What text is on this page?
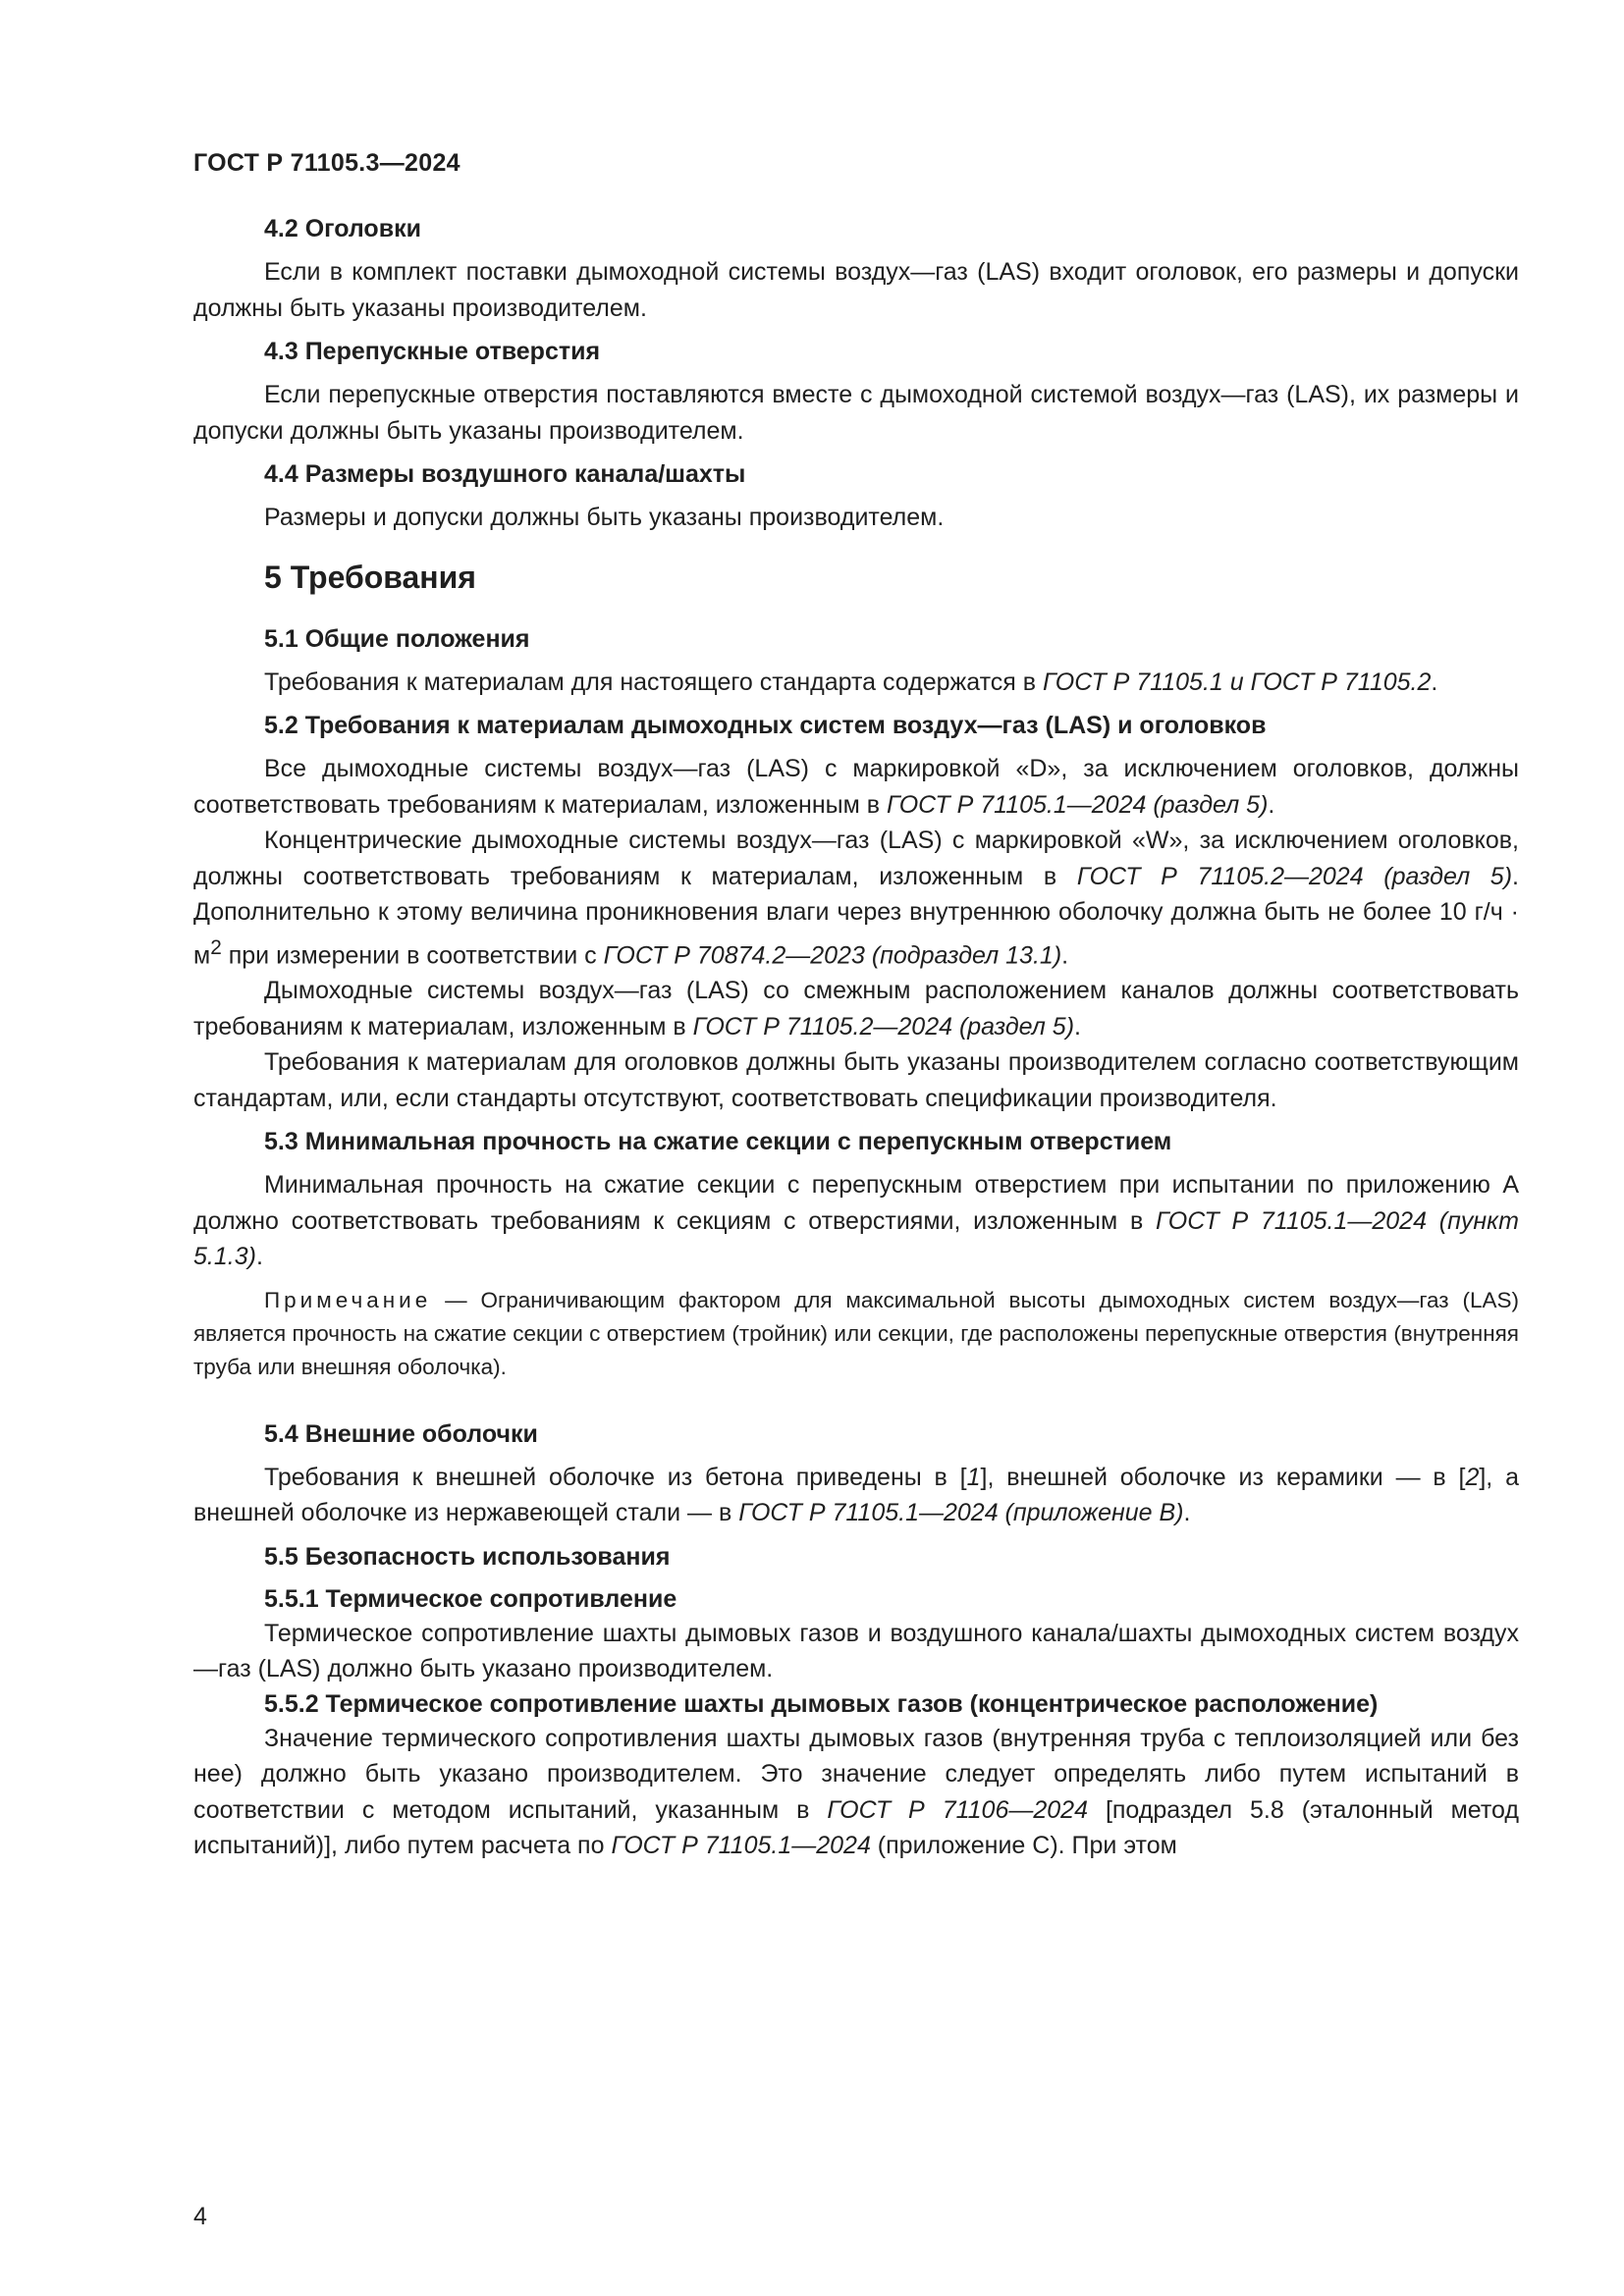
ГОСТ Р 71105.3—2024
4.2 Оголовки

Если в комплект поставки дымоходной системы воздух—газ (LAS) входит оголовок, его размеры и допуски должны быть указаны производителем.

4.3 Перепускные отверстия

Если перепускные отверстия поставляются вместе с дымоходной системой воздух—газ (LAS), их размеры и допуски должны быть указаны производителем.

4.4 Размеры воздушного канала/шахты

Размеры и допуски должны быть указаны производителем.

5 Требования
5.1 Общие положения

Требования к материалам для настоящего стандарта содержатся в ГОСТ Р 71105.1 и ГОСТ Р 71105.2.

5.2 Требования к материалам дымоходных систем воздух—газ (LAS) и оголовков

Все дымоходные системы воздух—газ (LAS) с маркировкой «D», за исключением оголовков, должны соответствовать требованиям к материалам, изложенным в ГОСТ Р 71105.1—2024 (раздел 5).

Концентрические дымоходные системы воздух—газ (LAS) с маркировкой «W», за исключением оголовков, должны соответствовать требованиям к материалам, изложенным в ГОСТ Р 71105.2—2024 (раздел 5). Дополнительно к этому величина проникновения влаги через внутреннюю оболочку должна быть не более 10 $г/ч \cdot м^2$ при измерении в соответствии с ГОСТ Р 70874.2—2023 (подраздел 13.1).

Дымоходные системы воздух—газ (LAS) со смежным расположением каналов должны соответствовать требованиям к материалам, изложенным в ГОСТ Р 71105.2—2024 (раздел 5).

Требования к материалам для оголовков должны быть указаны производителем согласно соответствующим стандартам, или, если стандарты отсутствуют, соответствовать спецификации производителя.

5.3 Минимальная прочность на сжатие секции с перепускным отверстием

Минимальная прочность на сжатие секции с перепускным отверстием при испытании по приложению А должно соответствовать требованиям к секциям с отверстиями, изложенным в ГОСТ Р 71105.1—2024 (пункт 5.1.3).

Примечание — Ограничивающим фактором для максимальной высоты дымоходных систем воздух—газ (LAS) является прочность на сжатие секции с отверстием (тройник) или секции, где расположены перепускные отверстия (внутренняя труба или внешняя оболочка).

5.4 Внешние оболочки

Требования к внешней оболочке из бетона приведены в [1], внешней оболочке из керамики — в [2], а внешней оболочке из нержавеющей стали — в ГОСТ Р 71105.1—2024 (приложение В).

5.5 Безопасность использования
5.5.1 Термическое сопротивление

Термическое сопротивление шахты дымовых газов и воздушного канала/шахты дымоходных систем воздух—газ (LAS) должно быть указано производителем.

5.5.2 Термическое сопротивление шахты дымовых газов (концентрическое расположение)

Значение термического сопротивления шахты дымовых газов (внутренняя труба с теплоизоляцией или без нее) должно быть указано производителем. Это значение следует определять либо путем испытаний в соответствии с методом испытаний, указанным в ГОСТ Р 71106—2024 [подраздел 5.8 (эталонный метод испытаний)], либо путем расчета по ГОСТ Р 71105.1—2024 (приложение С). При этом

4
